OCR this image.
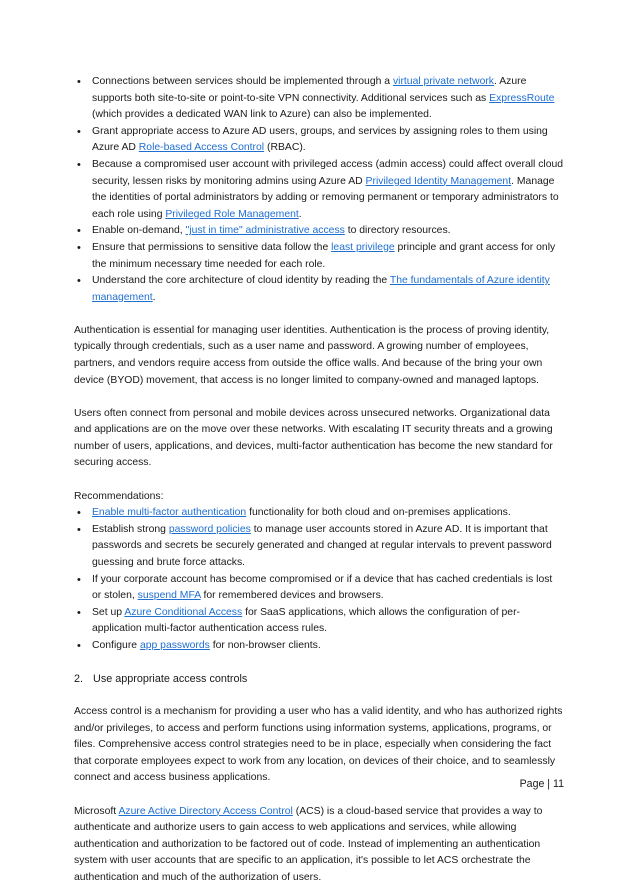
• Connections between services should be implemented through a virtual private network. Azure supports both site-to-site or point-to-site VPN connectivity. Additional services such as ExpressRoute (which provides a dedicated WAN link to Azure) can also be implemented.
• Grant appropriate access to Azure AD users, groups, and services by assigning roles to them using Azure AD Role-based Access Control (RBAC).
• Because a compromised user account with privileged access (admin access) could affect overall cloud security, lessen risks by monitoring admins using Azure AD Privileged Identity Management. Manage the identities of portal administrators by adding or removing permanent or temporary administrators to each role using Privileged Role Management.
• Enable on-demand, "just in time" administrative access to directory resources.
• Ensure that permissions to sensitive data follow the least privilege principle and grant access for only the minimum necessary time needed for each role.
• Understand the core architecture of cloud identity by reading the The fundamentals of Azure identity management.

Authentication is essential for managing user identities. Authentication is the process of proving identity, typically through credentials, such as a user name and password. A growing number of employees, partners, and vendors require access from outside the office walls. And because of the bring your own device (BYOD) movement, that access is no longer limited to company-owned and managed laptops.

Users often connect from personal and mobile devices across unsecured networks. Organizational data and applications are on the move over these networks. With escalating IT security threats and a growing number of users, applications, and devices, multi-factor authentication has become the new standard for securing access.

Recommendations:

• Enable multi-factor authentication functionality for both cloud and on-premises applications.
• Establish strong password policies to manage user accounts stored in Azure AD. It is important that passwords and secrets be securely generated and changed at regular intervals to prevent password guessing and brute force attacks.
• If your corporate account has become compromised or if a device that has cached credentials is lost or stolen, suspend MFA for remembered devices and browsers.
• Set up Azure Conditional Access for SaaS applications, which allows the configuration of per-application multi-factor authentication access rules.
• Configure app passwords for non-browser clients.
2. Use appropriate access controls

Access control is a mechanism for providing a user who has a valid identity, and who has authorized rights and/or privileges, to access and perform functions using information systems, applications, programs, or files. Comprehensive access control strategies need to be in place, especially when considering the fact that corporate employees expect to work from any location, on devices of their choice, and to seamlessly connect and access business applications.

Microsoft Azure Active Directory Access Control (ACS) is a cloud-based service that provides a way to authenticate and authorize users to gain access to web applications and services, while allowing authentication and authorization to be factored out of code. Instead of implementing an authentication system with user accounts that are specific to an application, it's possible to let ACS orchestrate the authentication and much of the authorization of users.

Page | 11
